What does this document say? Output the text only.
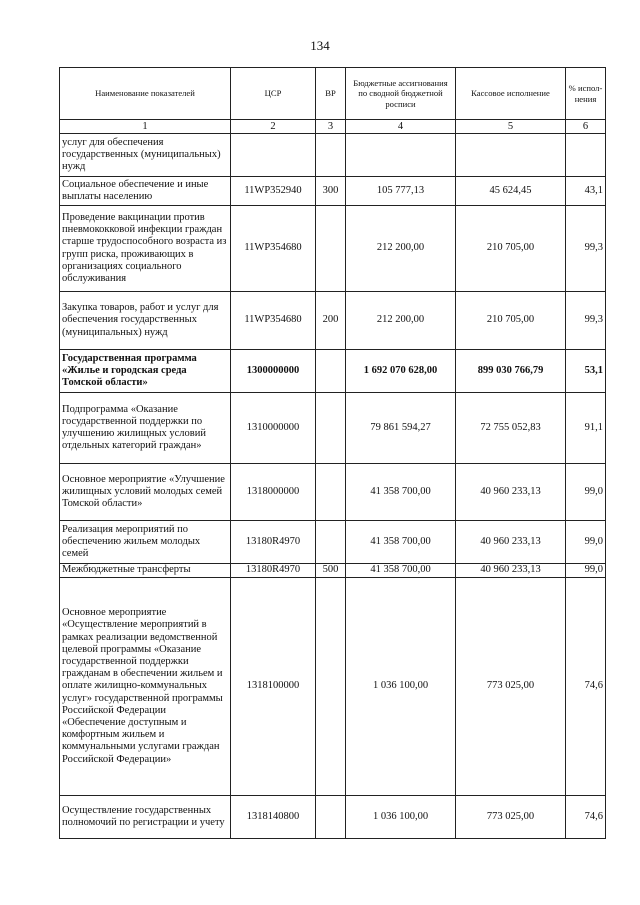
134
Наименование показателей	ЦСР	ВР	Бюджетные ассигнования по сводной бюджетной росписи	Кассовое исполнение	% испол-нения
1	2	3	4	5	6
услуг для обеспечения государственных (муниципальных) нужд					
Социальное обеспечение и иные выплаты населению	11WP352940	300	105 777,13	45 624,45	43,1
Проведение вакцинации против пневмококковой инфекции граждан старше трудоспособного возраста из групп риска, проживающих в организациях социального обслуживания	11WP354680		212 200,00	210 705,00	99,3
Закупка товаров, работ и услуг для обеспечения государственных (муниципальных) нужд	11WP354680	200	212 200,00	210 705,00	99,3
Государственная программа «Жилье и городская среда Томской области»	1300000000		1 692 070 628,00	899 030 766,79	53,1
Подпрограмма «Оказание государственной поддержки по улучшению жилищных условий отдельных категорий граждан»	1310000000		79 861 594,27	72 755 052,83	91,1
Основное мероприятие «Улучшение жилищных условий молодых семей Томской области»	1318000000		41 358 700,00	40 960 233,13	99,0
Реализация мероприятий по обеспечению жильем молодых семей	13180R4970		41 358 700,00	40 960 233,13	99,0
Межбюджетные трансферты	13180R4970	500	41 358 700,00	40 960 233,13	99,0
Основное мероприятие «Осуществление мероприятий в рамках реализации ведомственной целевой программы «Оказание государственной поддержки гражданам в обеспечении жильем и оплате жилищно-коммунальных услуг» государственной программы Российской Федерации «Обеспечение доступным и комфортным жильем и коммунальными услугами граждан Российской Федерации»	1318100000		1 036 100,00	773 025,00	74,6
Осуществление государственных полномочий по регистрации и учету	1318140800		1 036 100,00	773 025,00	74,6
